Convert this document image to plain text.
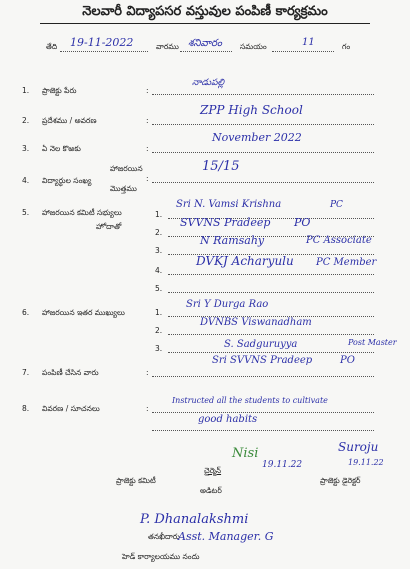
నెలవారీ విద్యాపసర వస్తువుల పంపిణీ కార్యక్రమం
తేది 19-11-2022	వారము శనివారం సమయం	11	గం
1. ప్రాజెక్టు పేరు	:
నాడుపల్లి
2. ప్రదేశము / అవరణ	:
ZPP High School
3. ఏ నెల కొఱకు	:
November 2022
4. విద్యార్థుల సంఖ్య
హాజరయిన
మొత్తము
:
15/15
5. హాజరయిన కమిటీ సభ్యులు
హోదాతో
1.
Sri N. Vamsi Krishna	PC
2.
SVVNS Pradeep PO
3.
N Ramsahy	PC Associate
4.
DVKJ Acharyulu PC Member
5.
6. హాజరయిన ఇతర ముఖ్యులు	1.
Sri Y Durga Rao
2.
DVNBS Viswanadham
3.	S. Sadguruyya	Post Master
Sri SVVNS Pradeep	PO
7. పంపిణీ చేసిన వారు	:
8. వివరణ / సూచనలు	:
Instructed all the students to cultivate
good habits
Nisi
19.11.22
చైర్మెన్
అడిటర్
ప్రాజెక్టు కమిటీ
Suroju
19.11.22
ప్రాజెక్టు డైరెక్టర్
P. Dhanalakshmi
తనఖీదారు
Asst. Manager. G
హెడ్ కార్యాలయము నందు
